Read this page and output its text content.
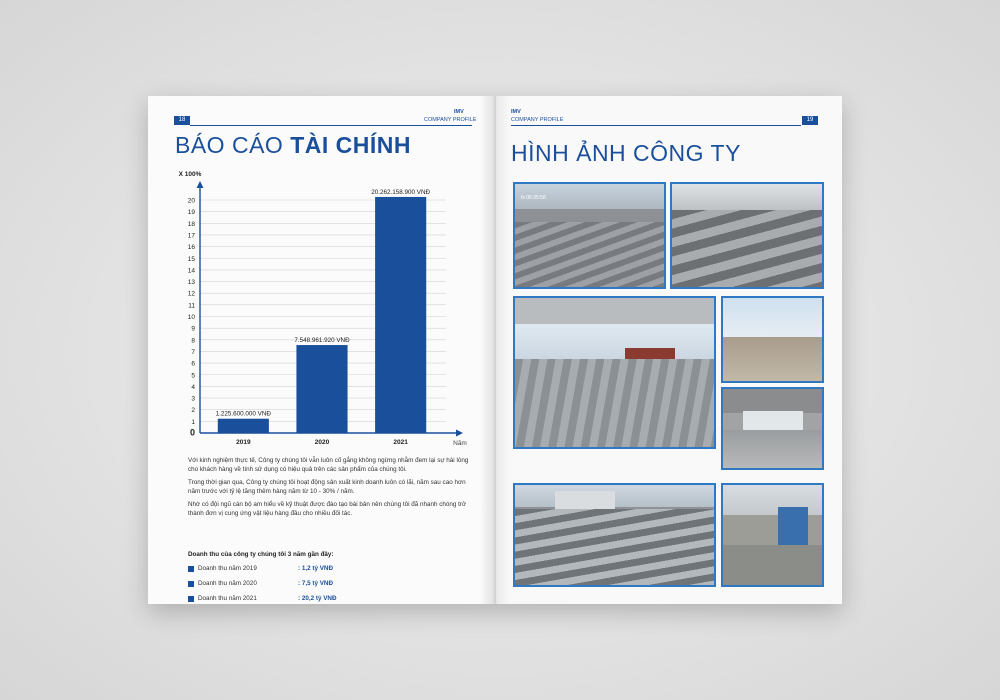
18
IMV
COMPANY PROFILE
BÁO CÁO TÀI CHÍNH
0
1
2
3
4
5
6
7
8
9
10
11
12
13
14
15
16
17
18
19
20
X 100%
Năm
1.225.600.000 VNĐ
2019
7.548.961.920 VNĐ
2020
20.262.158.900 VNĐ
2021

Với kinh nghiệm thực tế, Công ty chúng tôi vẫn luôn cố gắng không ngừng nhằm đem lại sự hài lòng cho khách hàng về tính sử dụng có hiệu quả trên các sản phẩm của chúng tôi.

Trong thời gian qua, Công ty chúng tôi hoạt động sản xuất kinh doanh luôn có lãi, năm sau cao hơn năm trước với tỷ lệ tăng thêm hàng năm từ 10 - 30% / năm.

Nhờ có đội ngũ cán bộ am hiểu về kỹ thuật được đào tạo bài bản nên chúng tôi đã nhanh chóng trở thành đơn vị cung ứng vật liệu hàng đầu cho nhiều đối tác.

Doanh thu của công ty chúng tôi 3 năm gần đây:
Doanh thu năm 2019	: 1,2 tỷ VNĐ
Doanh thu năm 2020	: 7,5 tỷ VNĐ
Doanh thu năm 2021	: 20,2 tỷ VNĐ
IMV
COMPANY PROFILE	19
HÌNH ẢNH CÔNG TY
fs 06:35:58
